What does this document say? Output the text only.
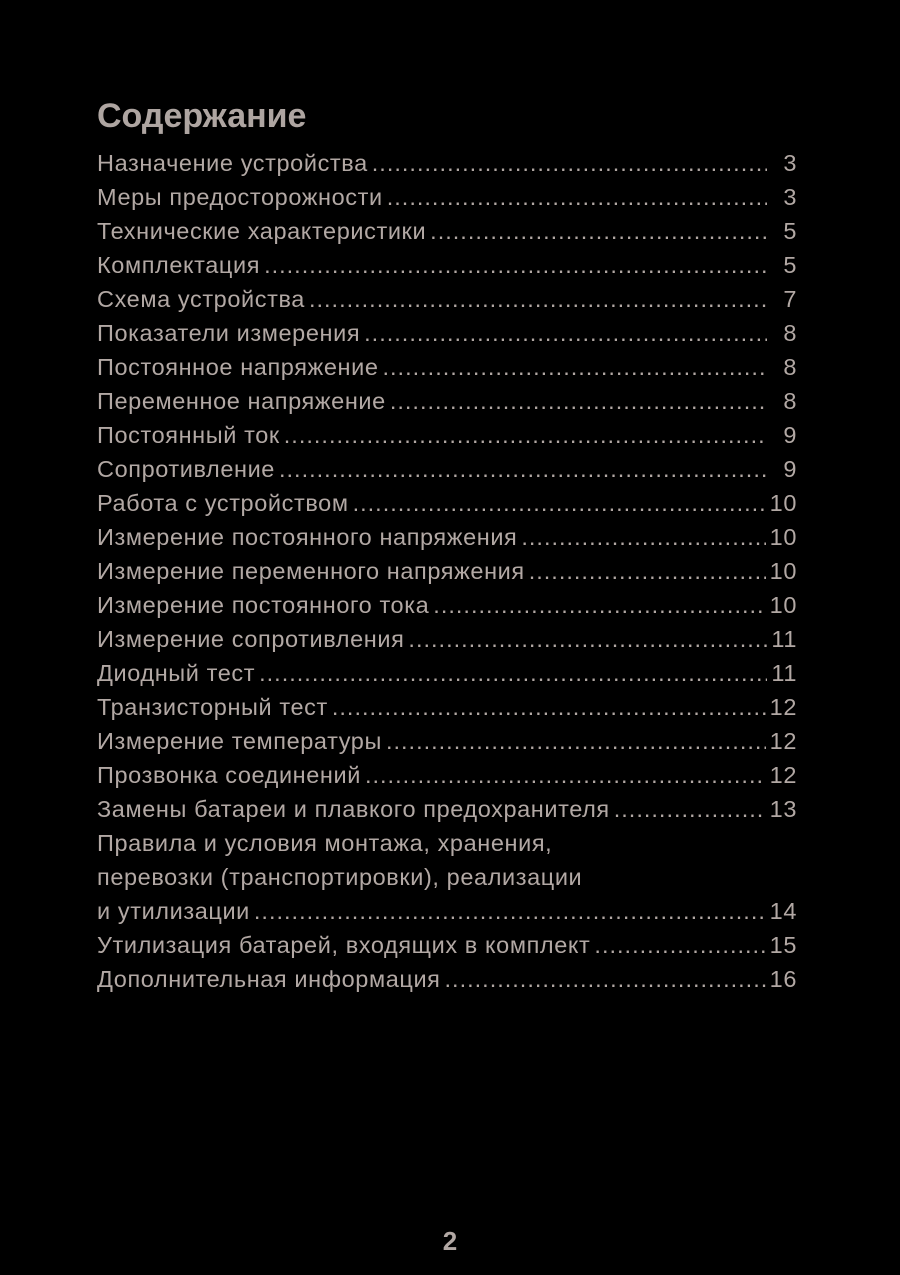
Содержание
Назначение устройства .....	3
Меры предосторожности .....	3
Технические характеристики .....	5
Комплектация .....	5
Схема устройства .....	7
Показатели измерения .....	8
Постоянное напряжение .....	8
Переменное напряжение .....	8
Постоянный ток .....	9
Сопротивление .....	9
Работа с устройством .....	10
Измерение постоянного напряжения .....	10
Измерение переменного напряжения .....	10
Измерение постоянного тока .....	10
Измерение сопротивления .....	11
Диодный тест .....	11
Транзисторный тест .....	12
Измерение температуры .....	12
Прозвонка соединений .....	12
Замены батареи и плавкого предохранителя .....	13
Правила и условия монтажа, хранения,
перевозки (транспортировки), реализации
и утилизации .....	14
Утилизация батарей, входящих в комплект .....	15
Дополнительная информация .....	16
2
